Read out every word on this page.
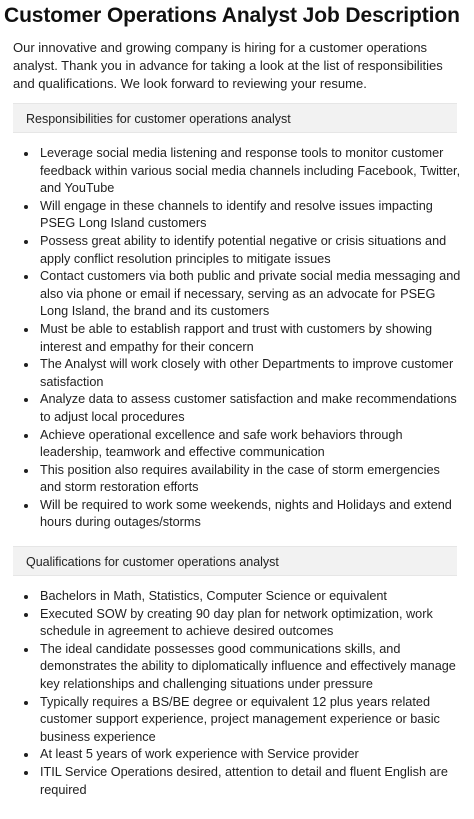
Customer Operations Analyst Job Description

Our innovative and growing company is hiring for a customer operations analyst. Thank you in advance for taking a look at the list of responsibilities and qualifications. We look forward to reviewing your resume.

Responsibilities for customer operations analyst
Leverage social media listening and response tools to monitor customer feedback within various social media channels including Facebook, Twitter, and YouTube
Will engage in these channels to identify and resolve issues impacting PSEG Long Island customers
Possess great ability to identify potential negative or crisis situations and apply conflict resolution principles to mitigate issues
Contact customers via both public and private social media messaging and also via phone or email if necessary, serving as an advocate for PSEG Long Island, the brand and its customers
Must be able to establish rapport and trust with customers by showing interest and empathy for their concern
The Analyst will work closely with other Departments to improve customer satisfaction
Analyze data to assess customer satisfaction and make recommendations to adjust local procedures
Achieve operational excellence and safe work behaviors through leadership, teamwork and effective communication
This position also requires availability in the case of storm emergencies and storm restoration efforts
Will be required to work some weekends, nights and Holidays and extend hours during outages/storms
Qualifications for customer operations analyst
Bachelors in Math, Statistics, Computer Science or equivalent
Executed SOW by creating 90 day plan for network optimization, work schedule in agreement to achieve desired outcomes
The ideal candidate possesses good communications skills, and demonstrates the ability to diplomatically influence and effectively manage key relationships and challenging situations under pressure
Typically requires a BS/BE degree or equivalent 12 plus years related customer support experience, project management experience or basic business experience
At least 5 years of work experience with Service provider
ITIL Service Operations desired, attention to detail and fluent English are required
